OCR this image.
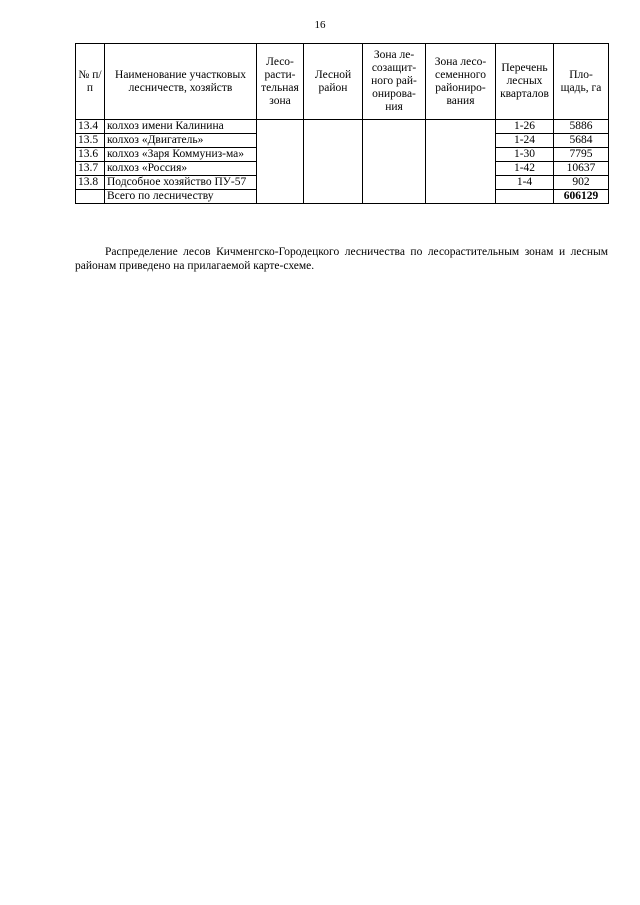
16
№ п/п	Наименование участковых лесничеств, хозяйств	Лесо-расти-тельная зона	Лесной район	Зона ле-созащит-ного рай-онирова-ния	Зона лесо-семенного райониро-вания	Перечень лесных кварталов	Пло-щадь, га
13.4	колхоз имени Калинина					1-26	5886
13.5	колхоз «Двигатель»					1-24	5684
13.6	колхоз «Заря Коммуниз-ма»					1-30	7795
13.7	колхоз «Россия»					1-42	10637
13.8	Подсобное хозяйство ПУ-57					1-4	902
	Всего по лесничеству						606129

Распределение лесов Кичменгско-Городецкого лесничества по лесорастительным зонам и лесным районам приведено на прилагаемой карте-схеме.
